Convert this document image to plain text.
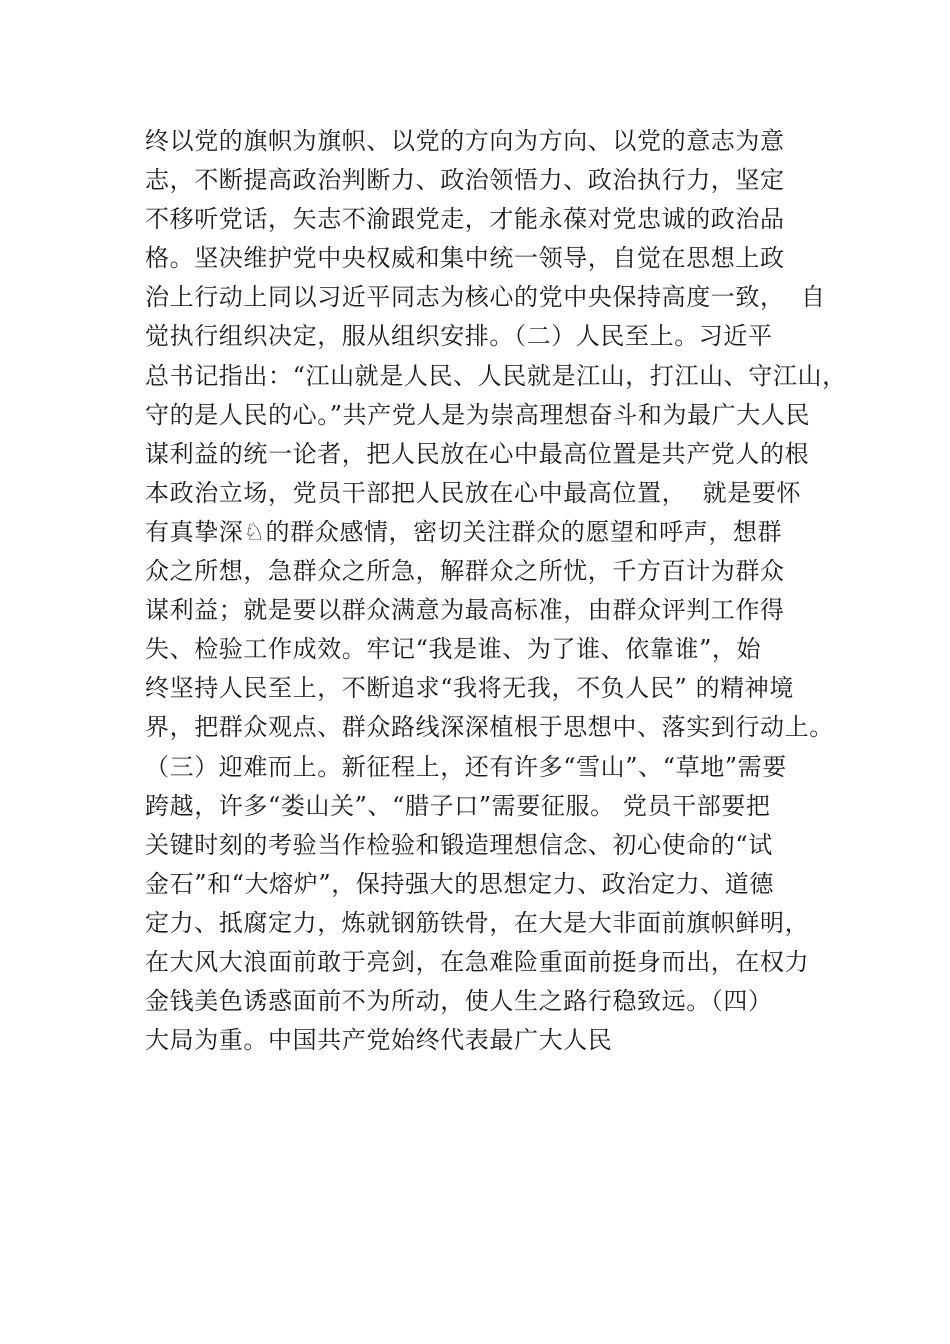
终以党的旗帜为旗帜、以党的方向为方向、以党的意志为意
志，不断提高政治判断力、政治领悟力、政治执行力，坚定
不移听党话，矢志不渝跟党走，才能永葆对党忠诚的政治品
格。坚决维护党中央权威和集中统一领导，自觉在思想上政
治上行动上同以习近平同志为核心的党中央保持高度一致，  自
觉执行组织决定，服从组织安排。（二）人民至上。习近平
总书记指出：“江山就是人民、人民就是江山，打江山、守江山，
守的是人民的心。”共产党人是为崇高理想奋斗和为最广大人民
谋利益的统一论者，把人民放在心中最高位置是共产党人的根
本政治立场，党员干部把人民放在心中最高位置，  就是要怀
有真挚深♘的群众感情，密切关注群众的愿望和呼声，想群
众之所想，急群众之所急，解群众之所忧，千方百计为群众
谋利益；就是要以群众满意为最高标准，由群众评判工作得
失、检验工作成效。牢记“我是谁、为了谁、依靠谁”，始
终坚持人民至上，不断追求“我将无我，不负人民” 的精神境
界，把群众观点、群众路线深深植根于思想中、落实到行动上。
（三）迎难而上。新征程上，还有许多“雪山”、“草地”需要
跨越，许多“娄山关”、“腊子口”需要征服。 党员干部要把
关键时刻的考验当作检验和锻造理想信念、初心使命的“试
金石”和“大熔炉”，保持强大的思想定力、政治定力、道德
定力、抵腐定力，炼就钢筋铁骨，在大是大非面前旗帜鲜明，
在大风大浪面前敢于亮剑，在急难险重面前挺身而出，在权力
金钱美色诱惑面前不为所动，使人生之路行稳致远。（四）
大局为重。中国共产党始终代表最广大人民
